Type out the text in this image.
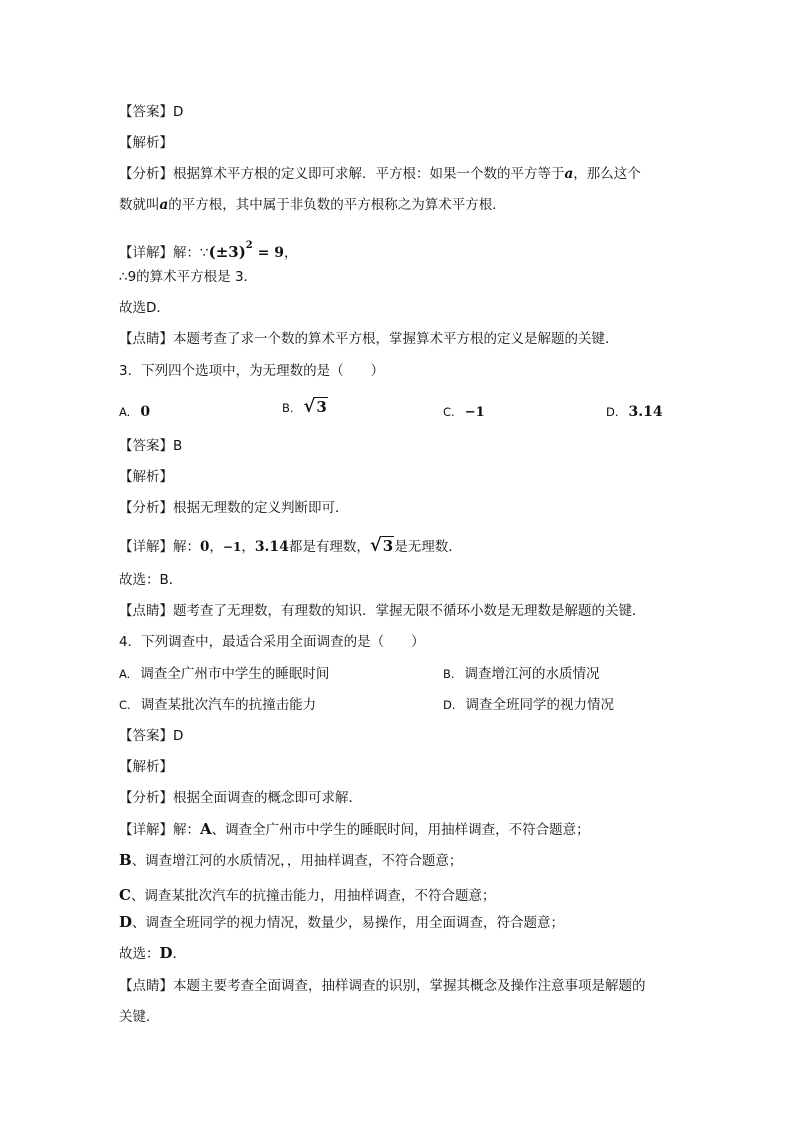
【答案】D
【解析】
【分析】根据算术平方根的定义即可求解．平方根：如果一个数的平方等于a，那么这个
数就叫a的平方根，其中属于非负数的平方根称之为算术平方根．
【详解】解：$\because(\pm 3)^2 = 9$，
∴9的算术平方根是 3．
故选D．
【点睛】本题考查了求一个数的算术平方根，掌握算术平方根的定义是解题的关键．
3．下列四个选项中，为无理数的是（　　）
A. 0	B. √3	C. −1	D. 3.14
【答案】B
【解析】
【分析】根据无理数的定义判断即可．
【详解】解：0，−1，3.14都是有理数，√3是无理数．
故选：B．
【点睛】题考查了无理数，有理数的知识．掌握无限不循环小数是无理数是解题的关键．
4．下列调查中，最适合采用全面调查的是（　　）
A. 调查全广州市中学生的睡眠时间	B. 调查增江河的水质情况
C. 调查某批次汽车的抗撞击能力	D. 调查全班同学的视力情况
【答案】D
【解析】
【分析】根据全面调查的概念即可求解．
【详解】解：A、调查全广州市中学生的睡眠时间，用抽样调查，不符合题意；
B、调查增江河的水质情况，，用抽样调查，不符合题意；
C、调查某批次汽车的抗撞击能力，用抽样调查，不符合题意；
D、调查全班同学的视力情况，数量少，易操作，用全面调查，符合题意；
故选：D．
【点睛】本题主要考查全面调查，抽样调查的识别，掌握其概念及操作注意事项是解题的
关键．
